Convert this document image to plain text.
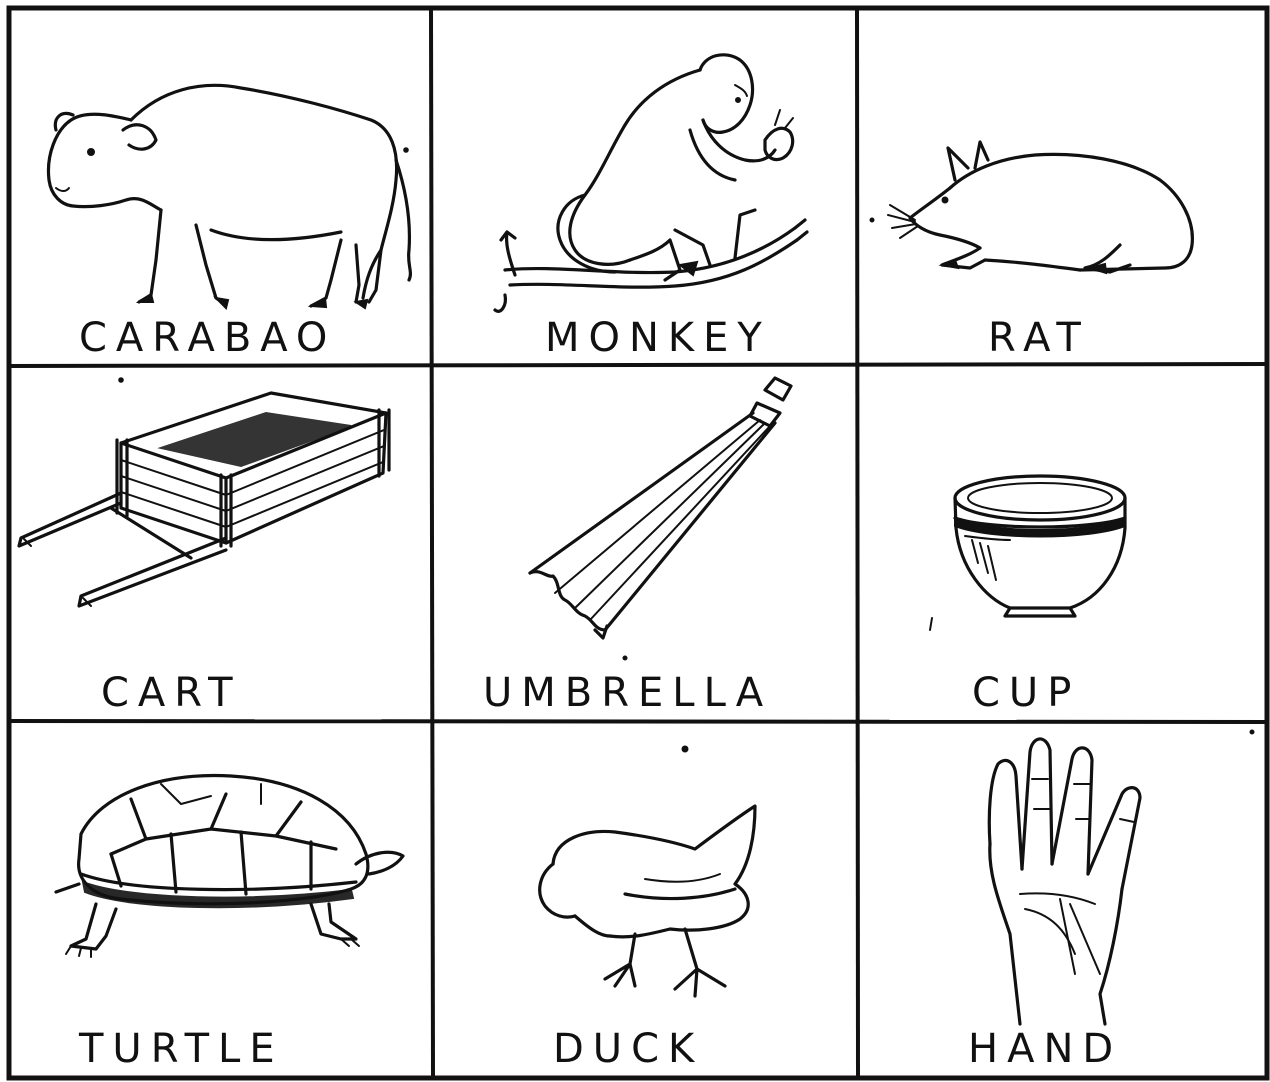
CARABAO	MONKEY	RAT
CART	UMBRELLA	CUP
TURTLE	DUCK	HAND
